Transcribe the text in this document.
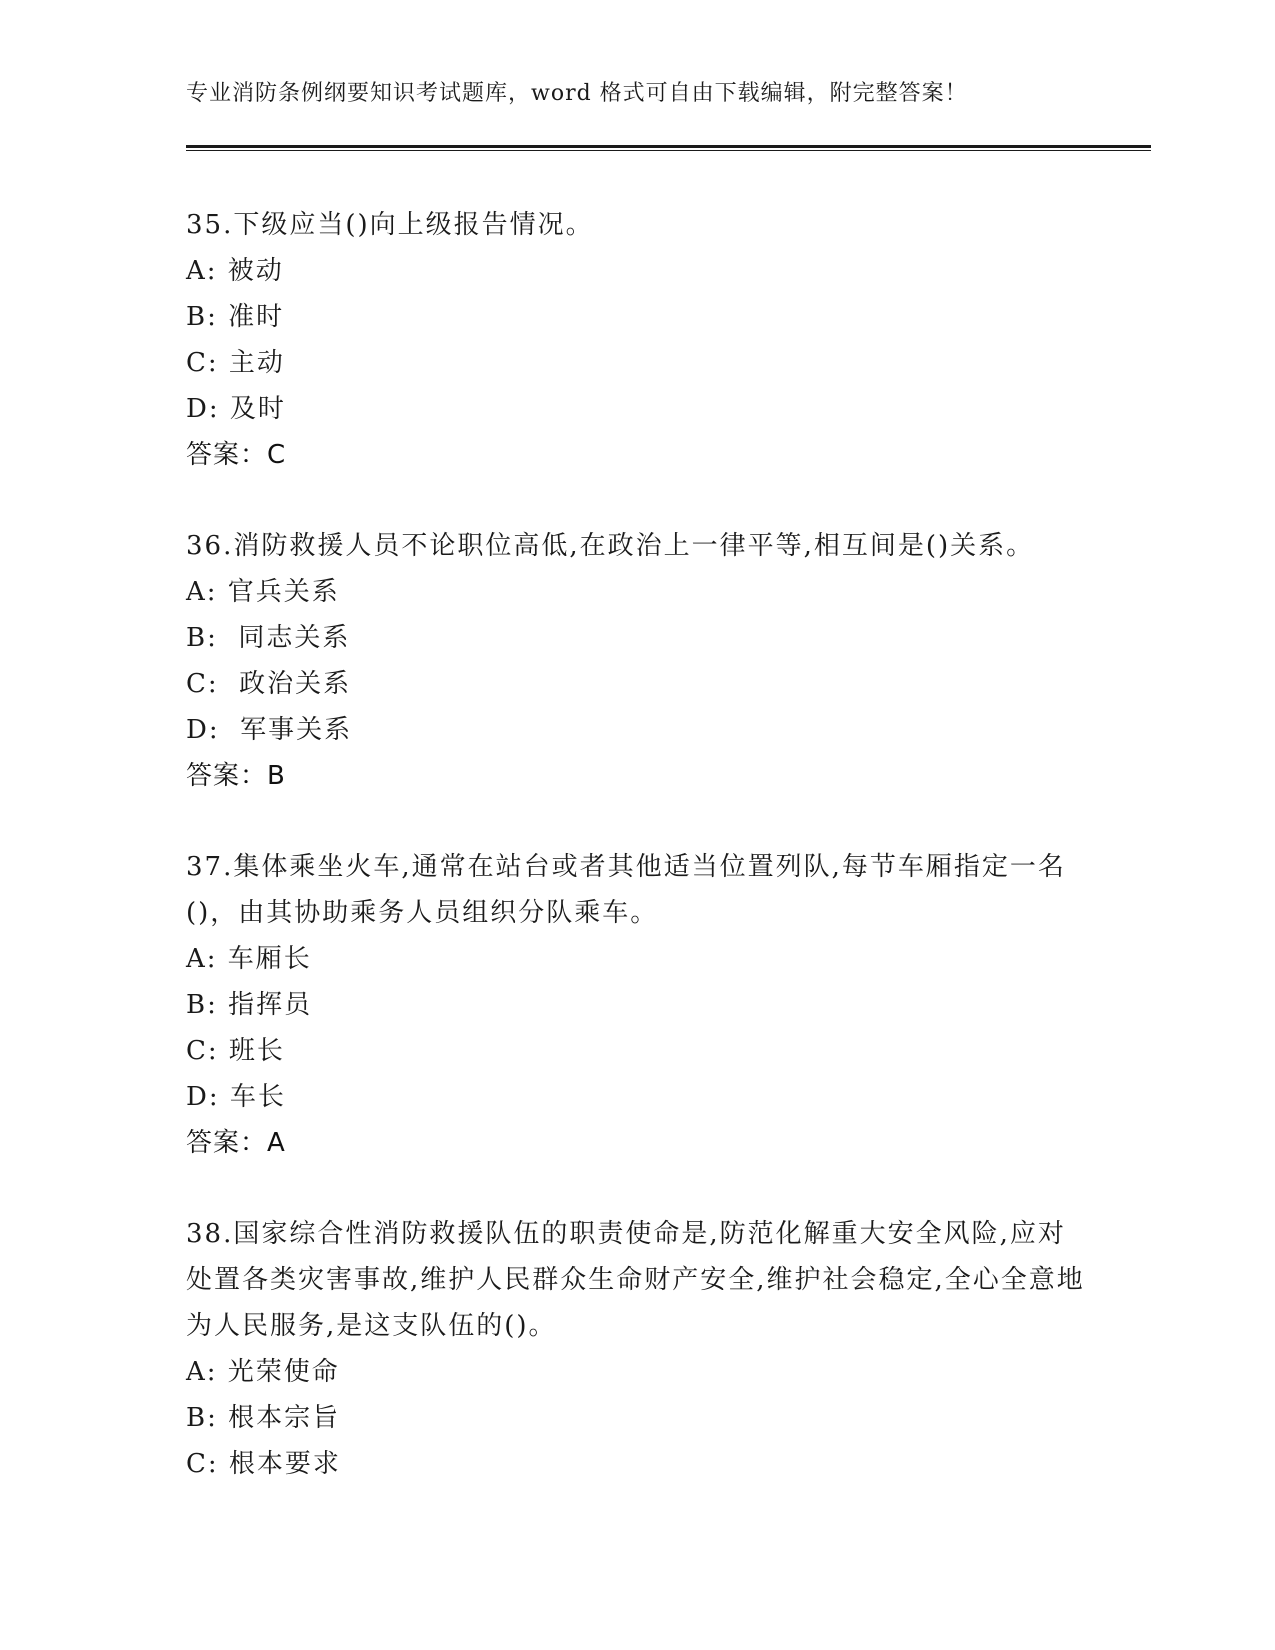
专业消防条例纲要知识考试题库，word 格式可自由下载编辑，附完整答案！
35.下级应当()向上级报告情况。
A: 被动
B: 准时
C: 主动
D: 及时
答案：C
36.消防救援人员不论职位高低,在政治上一律平等,相互间是()关系。
A: 官兵关系
B:  同志关系
C:  政治关系
D:  军事关系
答案：B
37.集体乘坐火车,通常在站台或者其他适当位置列队,每节车厢指定一名()，由其协助乘务人员组织分队乘车。
A: 车厢长
B: 指挥员
C: 班长
D: 车长
答案：A
38.国家综合性消防救援队伍的职责使命是,防范化解重大安全风险,应对处置各类灾害事故,维护人民群众生命财产安全,维护社会稳定,全心全意地为人民服务,是这支队伍的()。
A: 光荣使命
B: 根本宗旨
C: 根本要求
